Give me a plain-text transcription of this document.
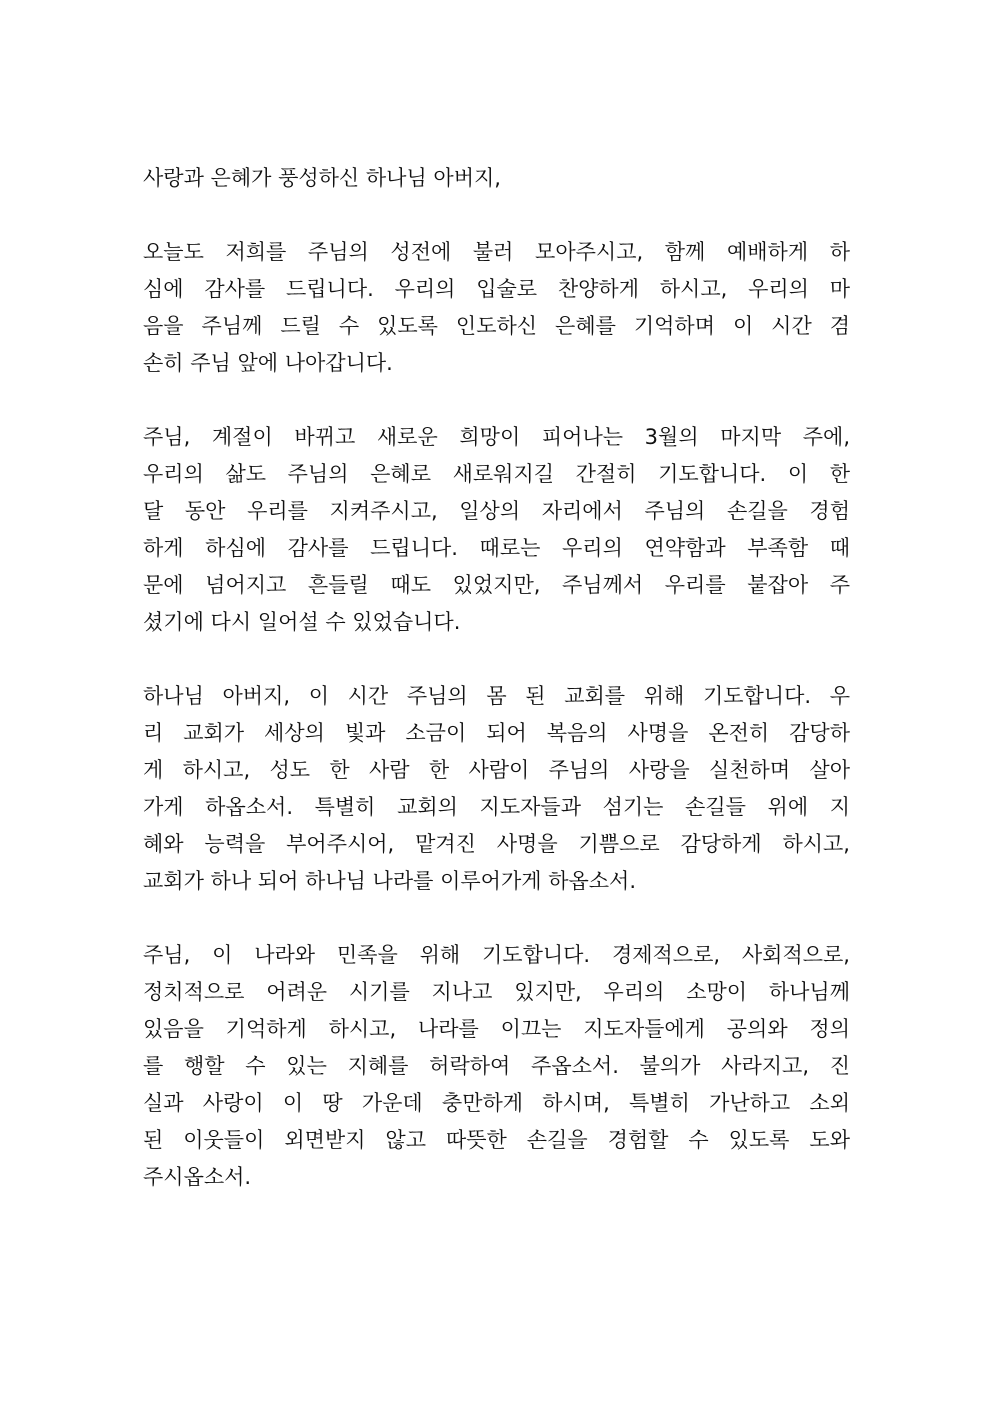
사랑과 은혜가 풍성하신 하나님 아버지,

오늘도 저희를 주님의 성전에 불러 모아주시고, 함께 예배하게 하
심에 감사를 드립니다. 우리의 입술로 찬양하게 하시고, 우리의 마
음을 주님께 드릴 수 있도록 인도하신 은혜를 기억하며 이 시간 겸
손히 주님 앞에 나아갑니다.

주님, 계절이 바뀌고 새로운 희망이 피어나는 3월의 마지막 주에,
우리의 삶도 주님의 은혜로 새로워지길 간절히 기도합니다. 이 한
달 동안 우리를 지켜주시고, 일상의 자리에서 주님의 손길을 경험
하게 하심에 감사를 드립니다. 때로는 우리의 연약함과 부족함 때
문에 넘어지고 흔들릴 때도 있었지만, 주님께서 우리를 붙잡아 주
셨기에 다시 일어설 수 있었습니다.

하나님 아버지, 이 시간 주님의 몸 된 교회를 위해 기도합니다. 우
리 교회가 세상의 빛과 소금이 되어 복음의 사명을 온전히 감당하
게 하시고, 성도 한 사람 한 사람이 주님의 사랑을 실천하며 살아
가게 하옵소서. 특별히 교회의 지도자들과 섬기는 손길들 위에 지
혜와 능력을 부어주시어, 맡겨진 사명을 기쁨으로 감당하게 하시고,
교회가 하나 되어 하나님 나라를 이루어가게 하옵소서.

주님, 이 나라와 민족을 위해 기도합니다. 경제적으로, 사회적으로,
정치적으로 어려운 시기를 지나고 있지만, 우리의 소망이 하나님께
있음을 기억하게 하시고, 나라를 이끄는 지도자들에게 공의와 정의
를 행할 수 있는 지혜를 허락하여 주옵소서. 불의가 사라지고, 진
실과 사랑이 이 땅 가운데 충만하게 하시며, 특별히 가난하고 소외
된 이웃들이 외면받지 않고 따뜻한 손길을 경험할 수 있도록 도와
주시옵소서.
